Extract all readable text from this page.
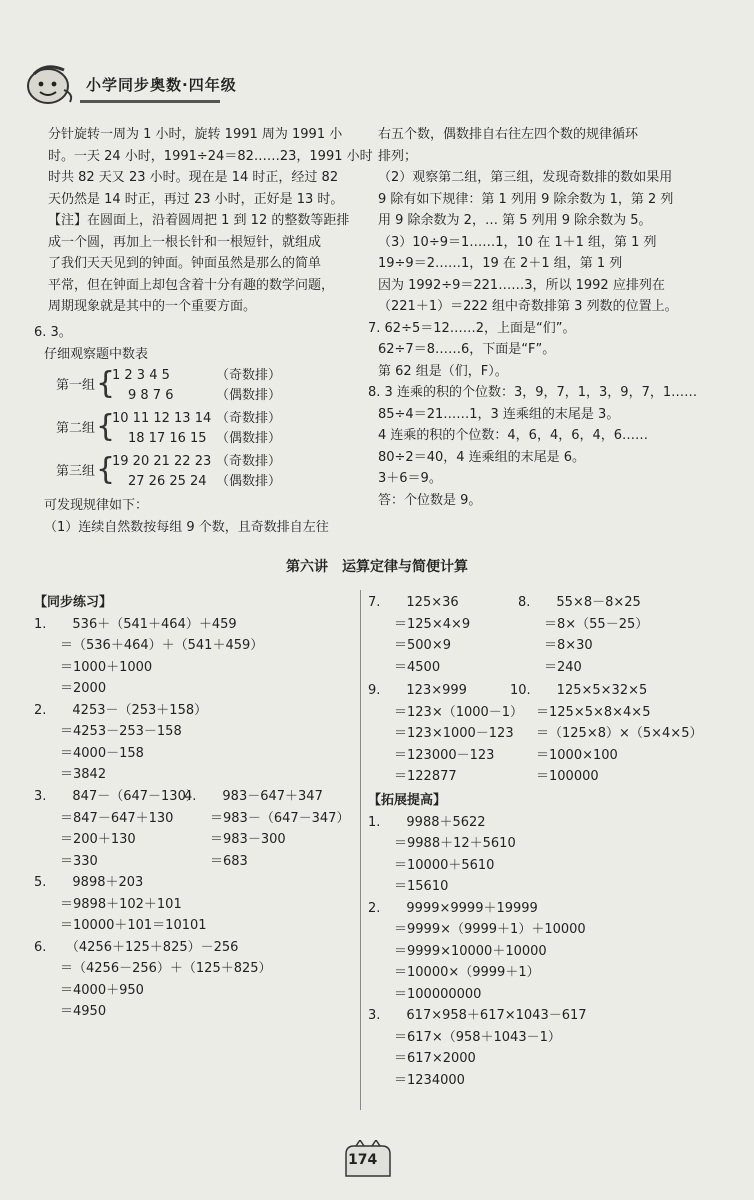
小学同步奥数·四年级
分针旋转一周为 1 小时，旋转 1991 周为 1991 小
时。一天 24 小时，1991÷24＝82……23，1991 小时
时共 82 天又 23 小时。现在是 14 时正，经过 82
天仍然是 14 时正，再过 23 小时，正好是 13 时。
【注】在圆面上，沿着圆周把 1 到 12 的整数等距排
成一个圆，再加上一根长针和一根短针，就组成
了我们天天见到的钟面。钟面虽然是那么的简单
平常，但在钟面上却包含着十分有趣的数学问题，
周期现象就是其中的一个重要方面。
6. 3。
仔细观察题中数表
第一组 {
1 2 3 4 5
9 8 7 6
（奇数排）
（偶数排）
第二组 {
10 11 12 13 14
18 17 16 15
（奇数排）
（偶数排）
第三组 {
19 20 21 22 23
27 26 25 24
（奇数排）
（偶数排）
可发现规律如下：
（1）连续自然数按每组 9 个数，且奇数排自左往
右五个数，偶数排自右往左四个数的规律循环
排列；
（2）观察第二组，第三组，发现奇数排的数如果用
9 除有如下规律：第 1 列用 9 除余数为 1，第 2 列
用 9 除余数为 2，… 第 5 列用 9 除余数为 5。
（3）10÷9＝1……1，10 在 1＋1 组，第 1 列
19÷9＝2……1，19 在 2＋1 组，第 1 列
因为 1992÷9＝221……3，所以 1992 应排列在
（221＋1）＝222 组中奇数排第 3 列数的位置上。
7. 62÷5＝12……2，上面是“们”。
62÷7＝8……6，下面是“F”。
第 62 组是（们，F）。
8. 3 连乘的积的个位数：3，9，7，1，3，9，7，1……
85÷4＝21……1，3 连乘组的末尾是 3。
4 连乘的积的个位数：4，6，4，6，4，6……
80÷2＝40，4 连乘组的末尾是 6。
3＋6＝9。
答：个位数是 9。
第六讲　运算定律与简便计算
【同步练习】
1.　　536＋（541＋464）＋459
＝（536＋464）＋（541＋459）
＝1000＋1000
＝2000
2.　　4253－（253＋158）
＝4253－253－158
＝4000－158
＝3842
3.　　847－（647－130）
＝847－647＋130
＝200＋130
＝330
4.　　983－647＋347
＝983－（647－347）
＝983－300
＝683
5.　　9898＋203
＝9898＋102＋101
＝10000＋101＝10101
6.　　（4256＋125＋825）－256
＝（4256－256）＋（125＋825）
＝4000＋950
＝4950
7.　　125×36
＝125×4×9
＝500×9
＝4500
8.　　55×8－8×25
＝8×（55－25）
＝8×30
＝240
9.　　123×999
＝123×（1000－1）
＝123×1000－123
＝123000－123
＝122877
10.　　125×5×32×5
＝125×5×8×4×5
＝（125×8）×（5×4×5）
＝1000×100
＝100000
【拓展提高】
1.　　9988＋5622
＝9988＋12＋5610
＝10000＋5610
＝15610
2.　　9999×9999＋19999
＝9999×（9999＋1）＋10000
＝9999×10000＋10000
＝10000×（9999＋1）
＝100000000
3.　　617×958＋617×1043－617
＝617×（958＋1043－1）
＝617×2000
＝1234000
174
